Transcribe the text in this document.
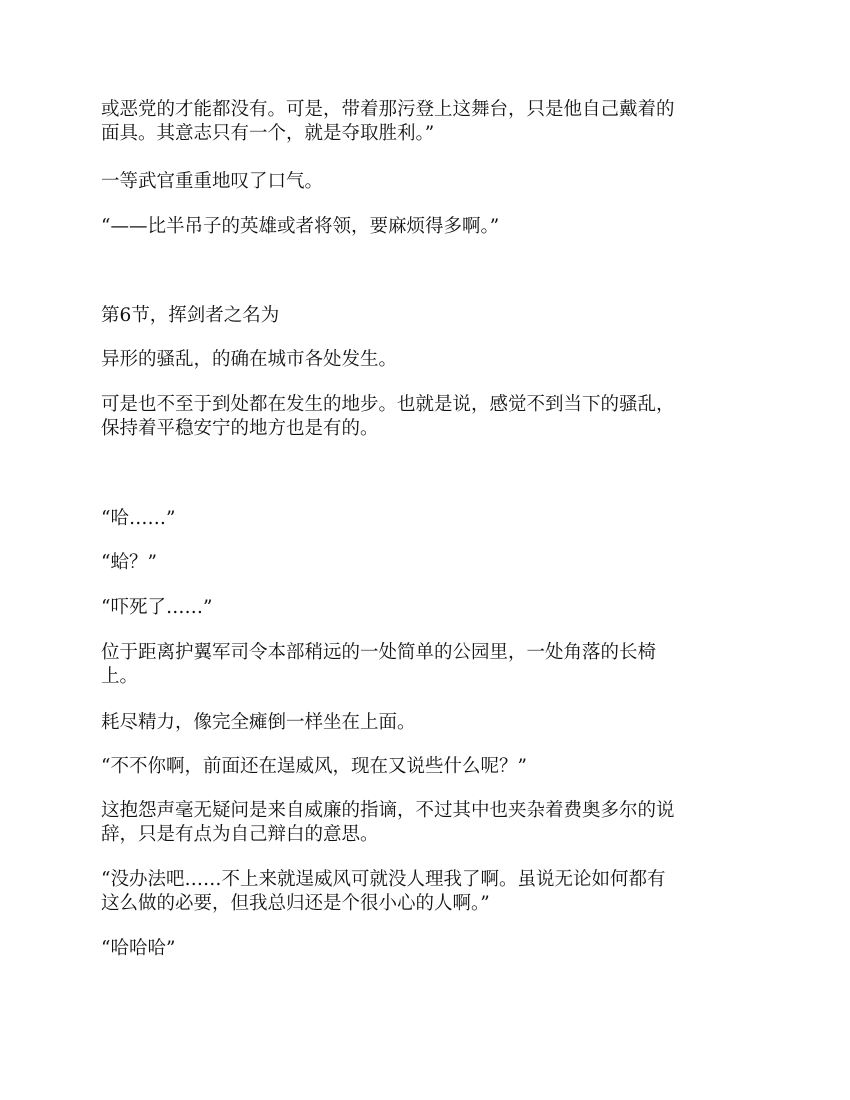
或恶党的才能都没有。可是，带着那污登上这舞台，只是他自己戴着的
面具。其意志只有一个，就是夺取胜利。”

一等武官重重地叹了口气。

“——比半吊子的英雄或者将领，要麻烦得多啊。”

第6节，挥剑者之名为

异形的骚乱，的确在城市各处发生。

可是也不至于到处都在发生的地步。也就是说，感觉不到当下的骚乱，
保持着平稳安宁的地方也是有的。

“哈……”

“蛤？”

“吓死了……”

位于距离护翼军司令本部稍远的一处简单的公园里，一处角落的长椅
上。

耗尽精力，像完全瘫倒一样坐在上面。

“不不你啊，前面还在逞威风，现在又说些什么呢？”

这抱怨声毫无疑问是来自威廉的指谪，不过其中也夹杂着费奥多尔的说
辞，只是有点为自己辩白的意思。

“没办法吧……不上来就逞威风可就没人理我了啊。虽说无论如何都有
这么做的必要，但我总归还是个很小心的人啊。”

“哈哈哈”
